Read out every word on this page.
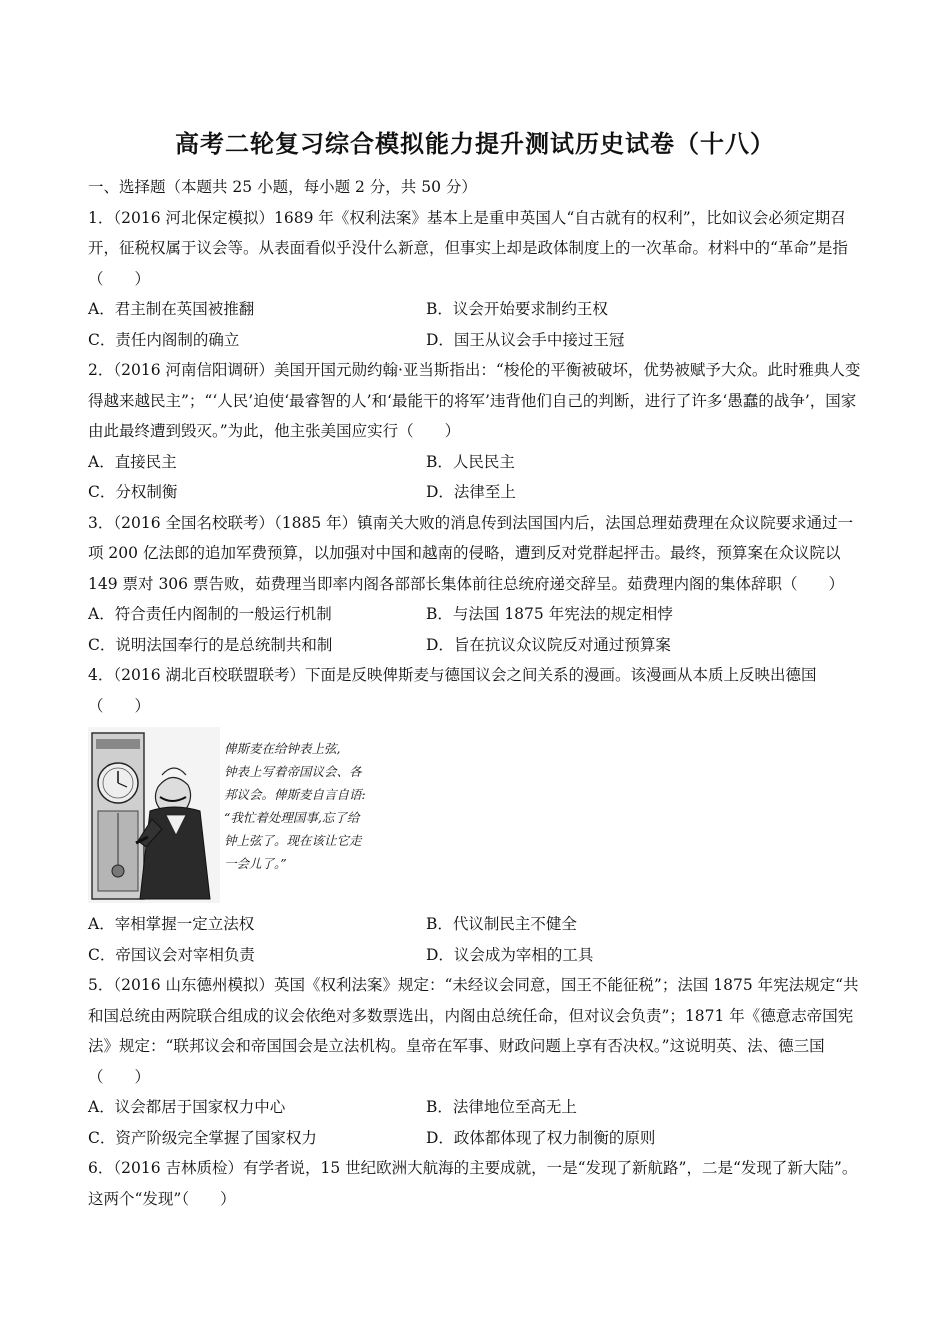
高考二轮复习综合模拟能力提升测试历史试卷（十八）

一、选择题（本题共 25 小题，每小题 2 分，共 50 分）

1．（2016 河北保定模拟）1689 年《权利法案》基本上是重申英国人“自古就有的权利”，比如议会必须定期召开，征税权属于议会等。从表面看似乎没什么新意，但事实上却是政体制度上的一次革命。材料中的“革命”是指（　　）

A．君主制在英国被推翻	B．议会开始要求制约王权
C．责任内阁制的确立	D．国王从议会手中接过王冠

2．（2016 河南信阳调研）美国开国元勋约翰·亚当斯指出：“梭伦的平衡被破坏，优势被赋予大众。此时雅典人变得越来越民主”；“‘人民’迫使‘最睿智的人’和‘最能干的将军’违背他们自己的判断，进行了许多‘愚蠢的战争’，国家由此最终遭到毁灭。”为此，他主张美国应实行（　　）

A．直接民主	B．人民民主
C．分权制衡	D．法律至上

3．（2016 全国名校联考）（1885 年）镇南关大败的消息传到法国国内后，法国总理茹费理在众议院要求通过一项 200 亿法郎的追加军费预算，以加强对中国和越南的侵略，遭到反对党群起抨击。最终，预算案在众议院以 149 票对 306 票告败，茹费理当即率内阁各部部长集体前往总统府递交辞呈。茹费理内阁的集体辞职（　　）

A．符合责任内阁制的一般运行机制	B．与法国 1875 年宪法的规定相悖
C．说明法国奉行的是总统制共和制	D．旨在抗议众议院反对通过预算案

4．（2016 湖北百校联盟联考）下面是反映俾斯麦与德国议会之间关系的漫画。该漫画从本质上反映出德国（　　）

俾斯麦在给钟表上弦,
钟表上写着帝国议会、各
邦议会。俾斯麦自言自语:
“我忙着处理国事,忘了给
钟上弦了。现在该让它走
一会儿了。”
A．宰相掌握一定立法权	B．代议制民主不健全
C．帝国议会对宰相负责	D．议会成为宰相的工具

5．（2016 山东德州模拟）英国《权利法案》规定：“未经议会同意，国王不能征税”；法国 1875 年宪法规定“共和国总统由两院联合组成的议会依绝对多数票选出，内阁由总统任命，但对议会负责”；1871 年《德意志帝国宪法》规定：“联邦议会和帝国国会是立法机构。皇帝在军事、财政问题上享有否决权。”这说明英、法、德三国（　　）

A．议会都居于国家权力中心	B．法律地位至高无上
C．资产阶级完全掌握了国家权力	D．政体都体现了权力制衡的原则

6．（2016 吉林质检）有学者说，15 世纪欧洲大航海的主要成就，一是“发现了新航路”，二是“发现了新大陆”。这两个“发现”（　　）
